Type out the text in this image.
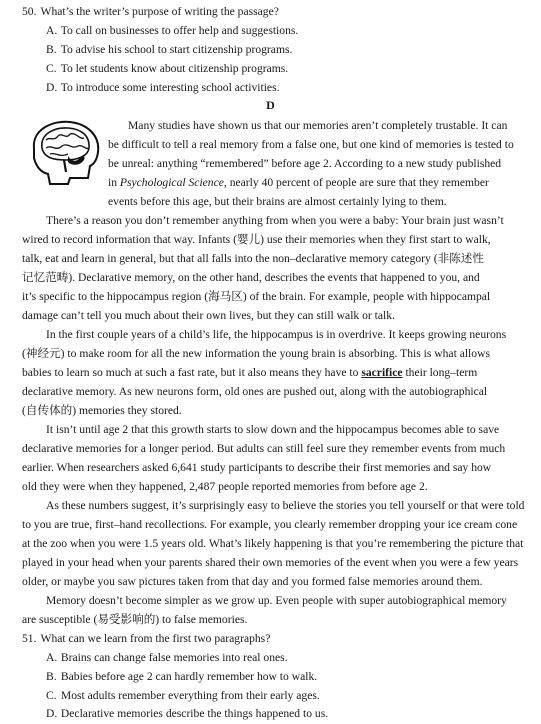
50. What’s the writer’s purpose of writing the passage?
A. To call on businesses to offer help and suggestions.
B. To advise his school to start citizenship programs.
C. To let students know about citizenship programs.
D. To introduce some interesting school activities.
D
Many studies have shown us that our memories aren’t completely trustable. It can
be difficult to tell a real memory from a false one, but one kind of memories is tested to
be unreal: anything “remembered” before age 2. According to a new study published
in Psychological Science, nearly 40 percent of people are sure that they remember
events before this age, but their brains are almost certainly lying to them.
There’s a reason you don’t remember anything from when you were a baby: Your brain just wasn’t
wired to record information that way. Infants (婴儿) use their memories when they first start to walk,
talk, eat and learn in general, but that all falls into the non–declarative memory category (非陈述性
记忆范畴). Declarative memory, on the other hand, describes the events that happened to you, and
it’s specific to the hippocampus region (海马区) of the brain. For example, people with hippocampal
damage can’t tell you much about their own lives, but they can still walk or talk.
In the first couple years of a child’s life, the hippocampus is in overdrive. It keeps growing neurons
(神经元) to make room for all the new information the young brain is absorbing. This is what allows
babies to learn so much at such a fast rate, but it also means they have to sacrifice their long–term
declarative memory. As new neurons form, old ones are pushed out, along with the autobiographical
(自传体的) memories they stored.
It isn’t until age 2 that this growth starts to slow down and the hippocampus becomes able to save
declarative memories for a longer period. But adults can still feel sure they remember events from much
earlier. When researchers asked 6,641 study participants to describe their first memories and say how
old they were when they happened, 2,487 people reported memories from before age 2.
As these numbers suggest, it’s surprisingly easy to believe the stories you tell yourself or that were told
to you are true, first–hand recollections. For example, you clearly remember dropping your ice cream cone
at the zoo when you were 1.5 years old. What’s likely happening is that you’re remembering the picture that
played in your head when your parents shared their own memories of the event when you were a few years
older, or maybe you saw pictures taken from that day and you formed false memories around them.
Memory doesn’t become simpler as we grow up. Even people with super autobiographical memory
are susceptible (易受影响的) to false memories.
51. What can we learn from the first two paragraphs?
A. Brains can change false memories into real ones.
B. Babies before age 2 can hardly remember how to walk.
C. Most adults remember everything from their early ages.
D. Declarative memories describe the things happened to us.
